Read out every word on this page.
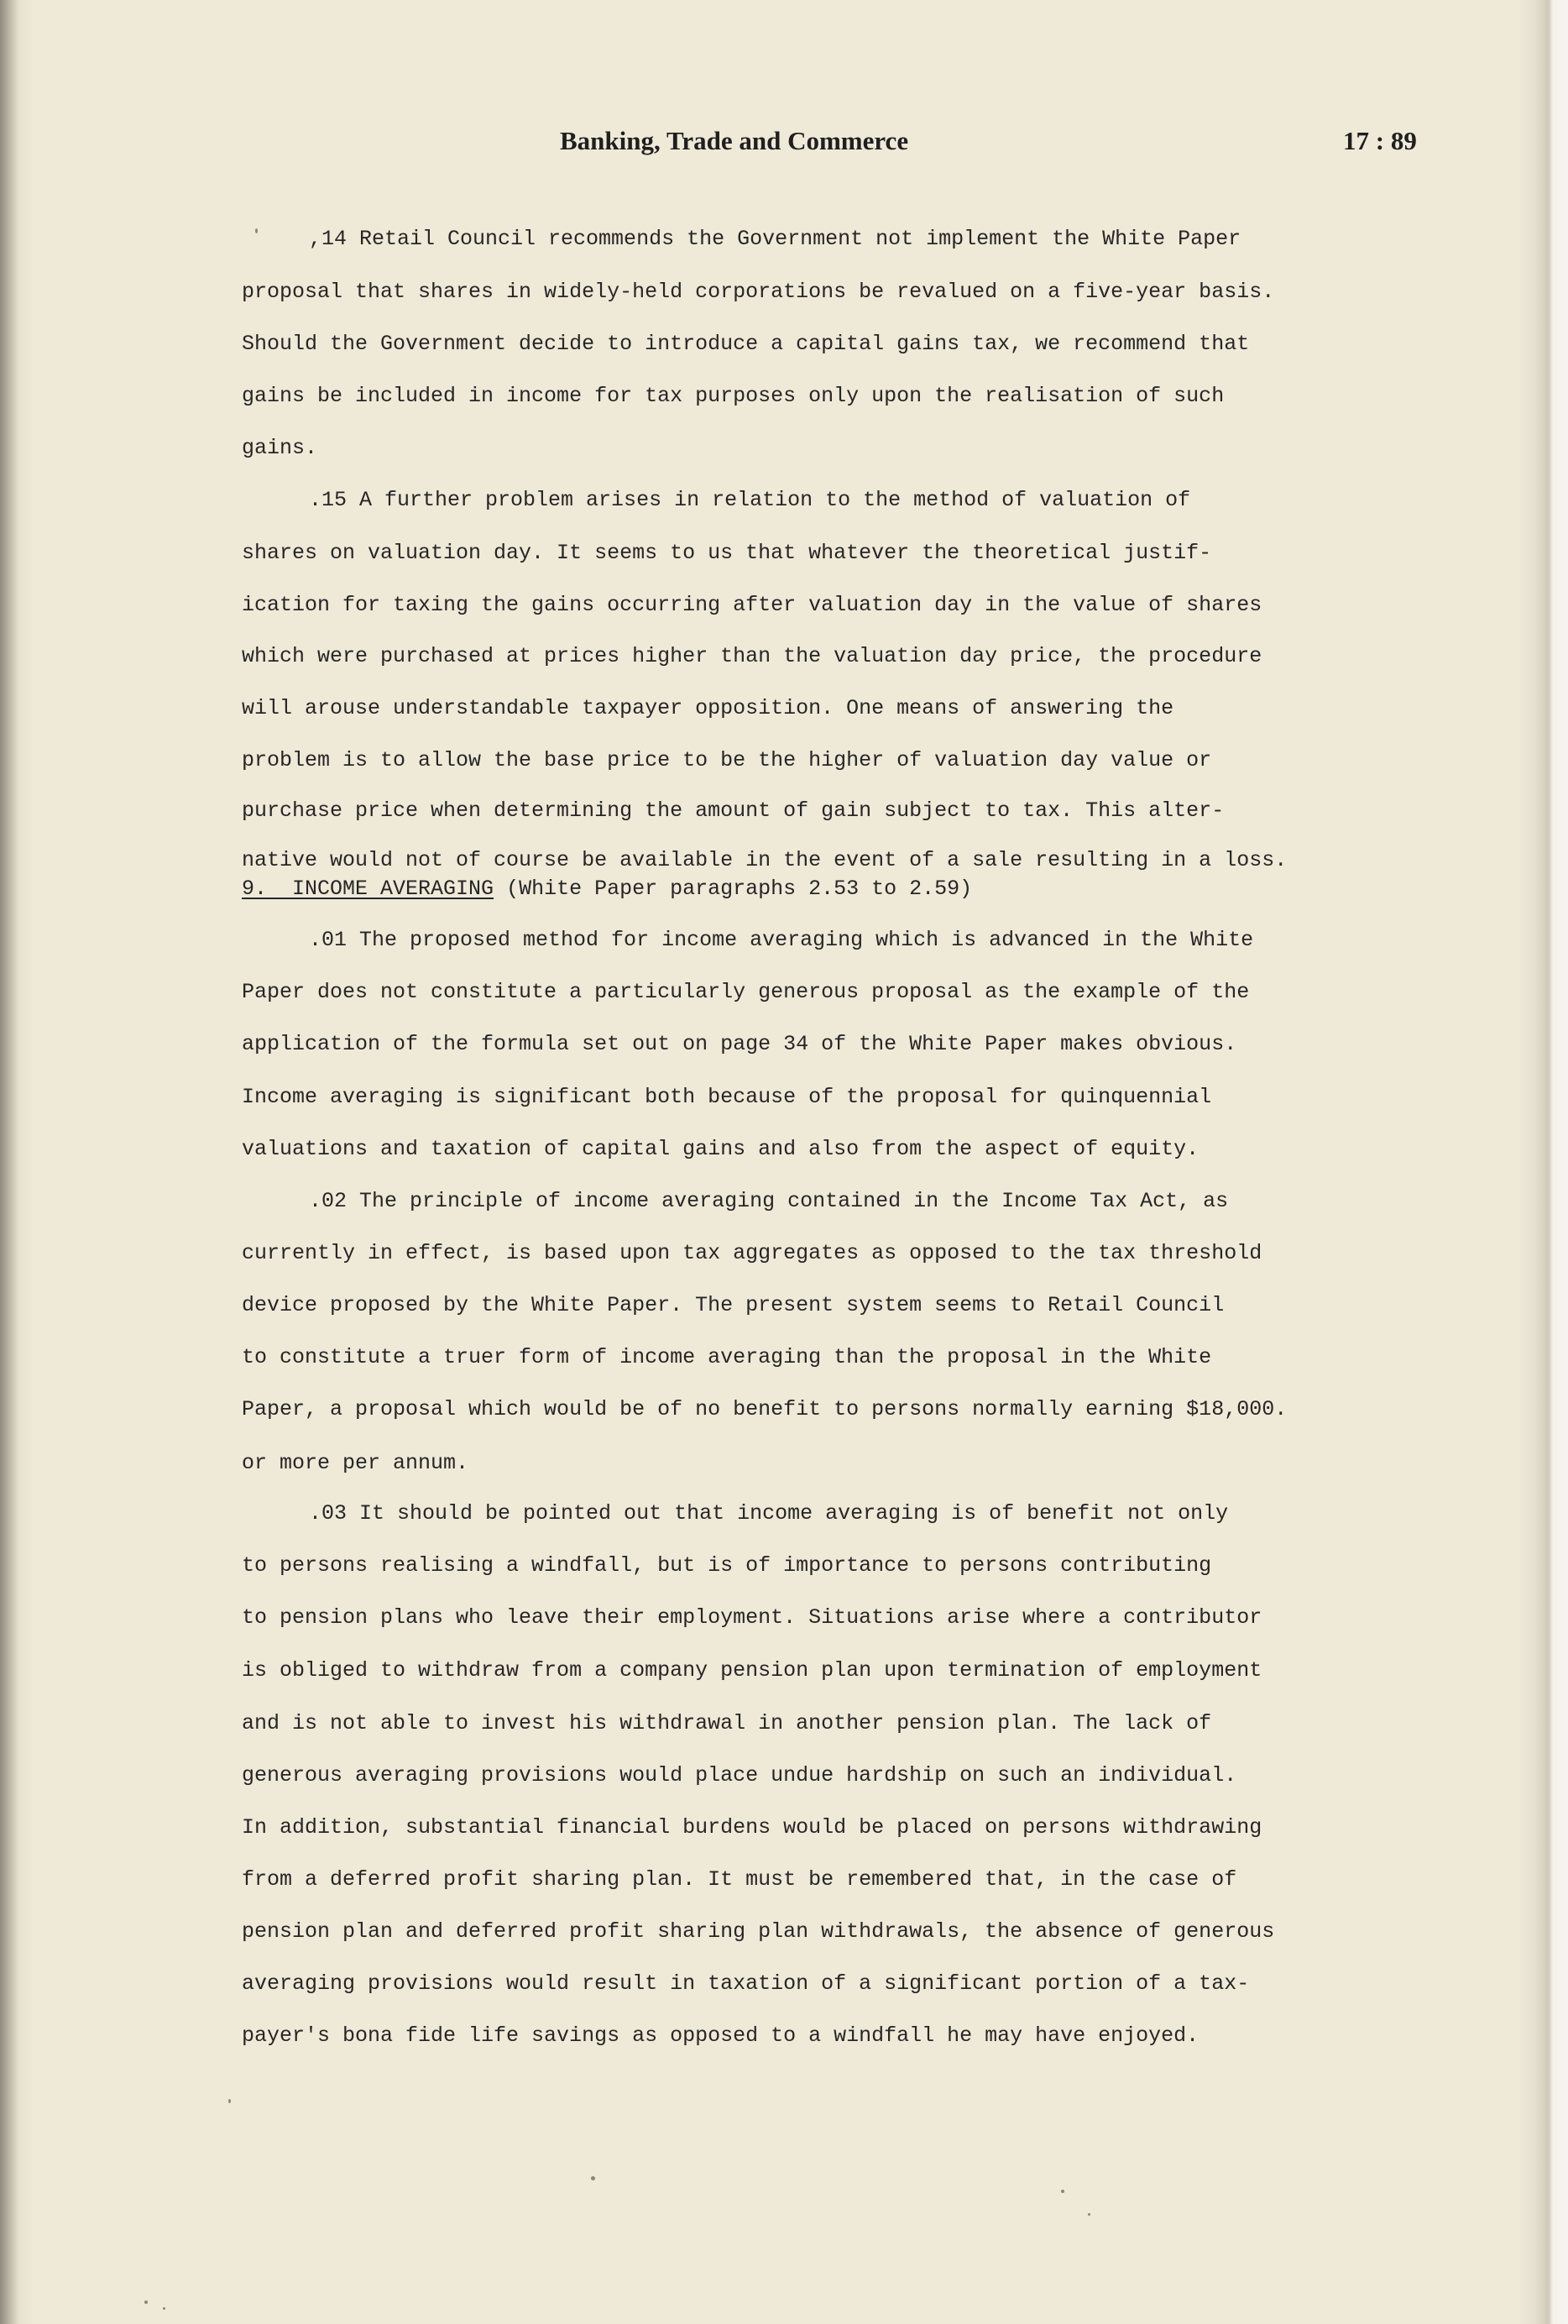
Banking, Trade and Commerce	17 : 89
,14 Retail Council recommends the Government not implement the White Paper
proposal that shares in widely-held corporations be revalued on a five-year basis.
Should the Government decide to introduce a capital gains tax, we recommend that
gains be included in income for tax purposes only upon the realisation of such
gains.
.15 A further problem arises in relation to the method of valuation of
shares on valuation day. It seems to us that whatever the theoretical justif-
ication for taxing the gains occurring after valuation day in the value of shares
which were purchased at prices higher than the valuation day price, the procedure
will arouse understandable taxpayer opposition. One means of answering the
problem is to allow the base price to be the higher of valuation day value or
purchase price when determining the amount of gain subject to tax. This alter-
native would not of course be available in the event of a sale resulting in a loss.
9.  INCOME AVERAGING (White Paper paragraphs 2.53 to 2.59)
.01 The proposed method for income averaging which is advanced in the White
Paper does not constitute a particularly generous proposal as the example of the
application of the formula set out on page 34 of the White Paper makes obvious.
Income averaging is significant both because of the proposal for quinquennial
valuations and taxation of capital gains and also from the aspect of equity.
.02 The principle of income averaging contained in the Income Tax Act, as
currently in effect, is based upon tax aggregates as opposed to the tax threshold
device proposed by the White Paper. The present system seems to Retail Council
to constitute a truer form of income averaging than the proposal in the White
Paper, a proposal which would be of no benefit to persons normally earning $18,000.
or more per annum.
.03 It should be pointed out that income averaging is of benefit not only
to persons realising a windfall, but is of importance to persons contributing
to pension plans who leave their employment. Situations arise where a contributor
is obliged to withdraw from a company pension plan upon termination of employment
and is not able to invest his withdrawal in another pension plan. The lack of
generous averaging provisions would place undue hardship on such an individual.
In addition, substantial financial burdens would be placed on persons withdrawing
from a deferred profit sharing plan. It must be remembered that, in the case of
pension plan and deferred profit sharing plan withdrawals, the absence of generous
averaging provisions would result in taxation of a significant portion of a tax-
payer's bona fide life savings as opposed to a windfall he may have enjoyed.
